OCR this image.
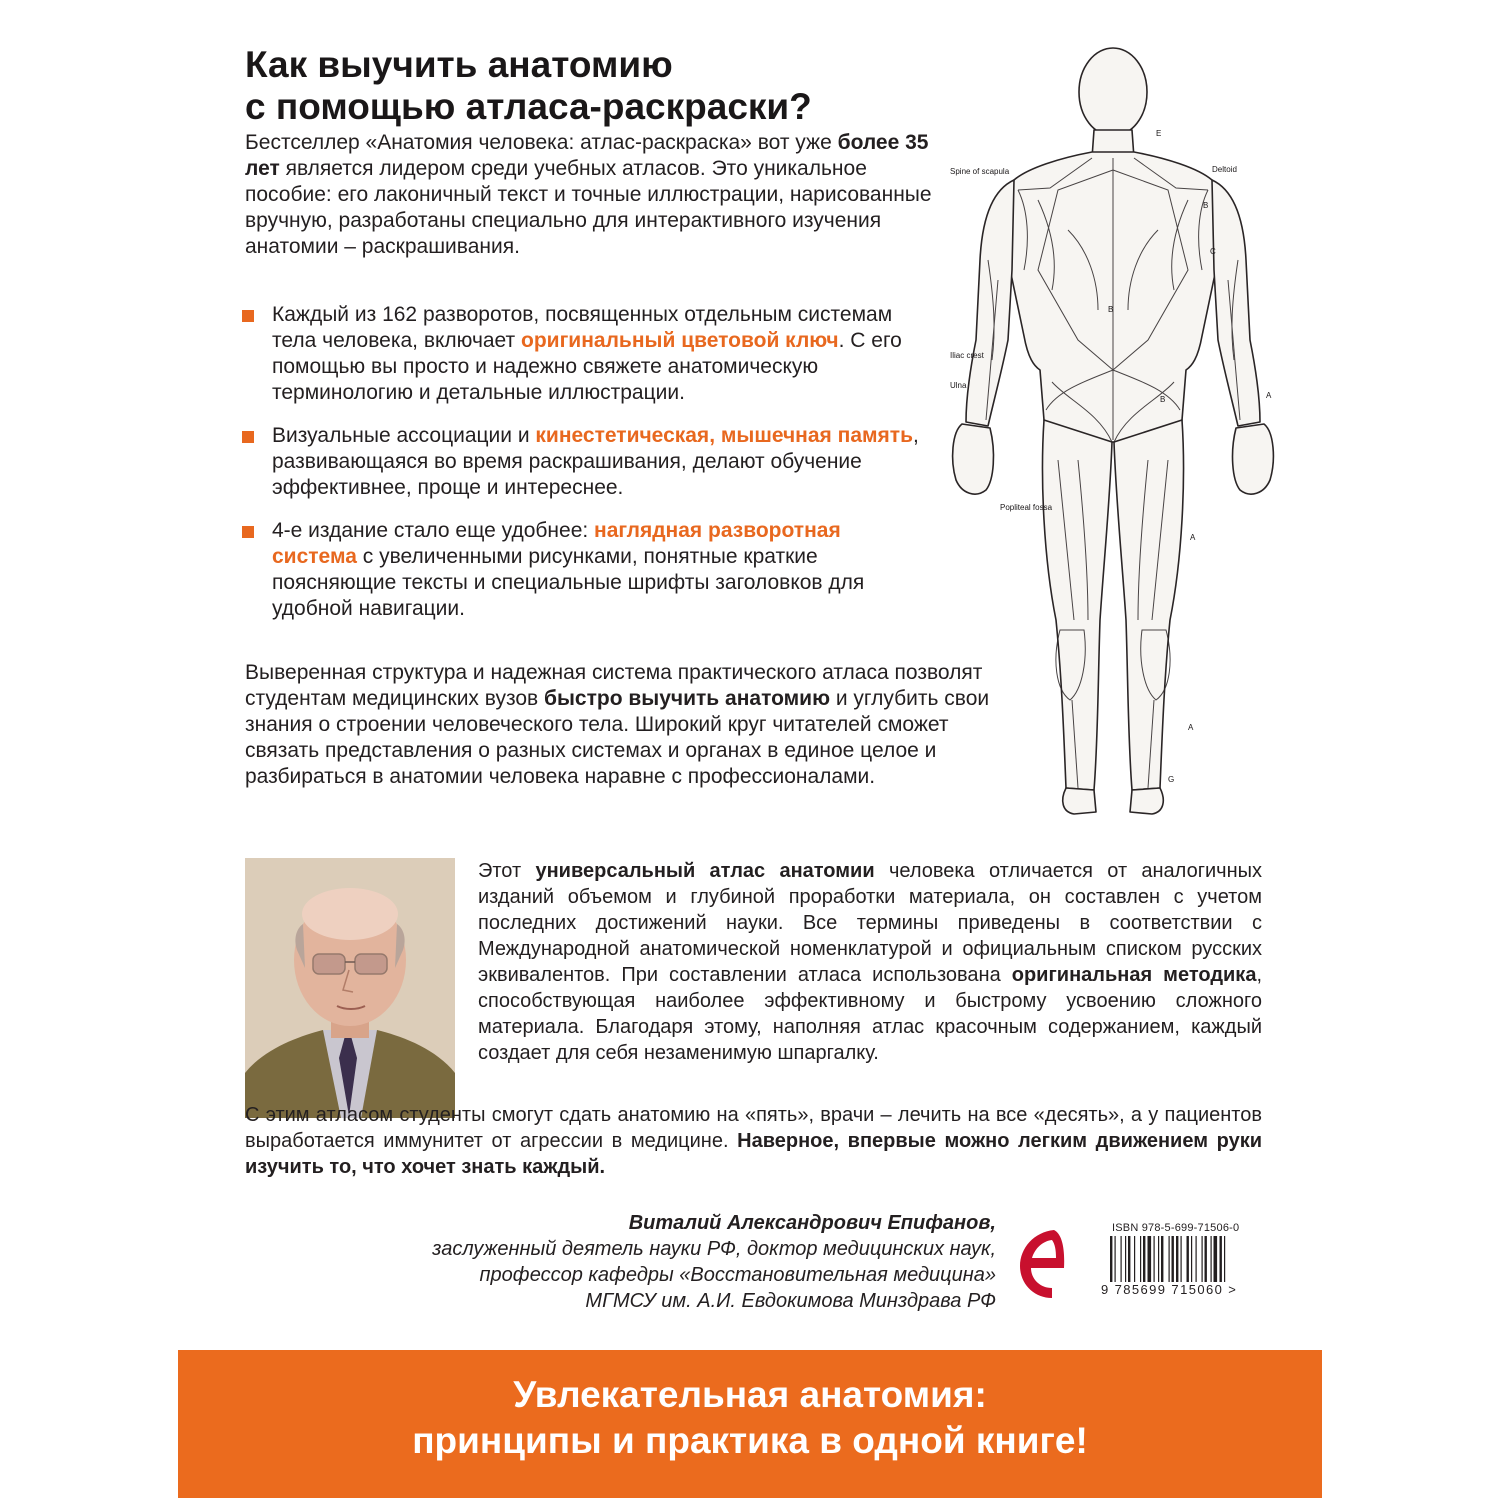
Как выучить анатомию
с помощью атласа-раскраски?

Бестселлер «Анатомия человека: атлас-раскраска» вот уже более 35 лет является лидером среди учебных атласов. Это уникальное пособие: его лаконичный текст и точные иллюстрации, нарисованные вручную, разработаны специально для интерактивного изучения анатомии – раскрашивания.

Каждый из 162 разворотов, посвященных отдельным системам тела человека, включает оригинальный цветовой ключ. С его помощью вы просто и надежно свяжете анатомическую терминологию и детальные иллюстрации.
Визуальные ассоциации и кинестетическая, мышечная память, развивающаяся во время раскрашивания, делают обучение эффективнее, проще и интереснее.
4-е издание стало еще удобнее: наглядная разворотная система с увеличенными рисунками, понятные краткие поясняющие тексты и специальные шрифты заголовков для удобной навигации.

Выверенная структура и надежная система практического атласа позволят студентам медицинских вузов быстро выучить анатомию и углубить свои знания о строении человеческого тела. Широкий круг читателей сможет связать представления о разных системах и органах в единое целое и разбираться в анатомии человека наравне с профессионалами.

Spine of scapula	Deltoid
Iliac crest
Ulna
Popliteal fossa
E
B
C
B
B	A
A
A
G

Этот универсальный атлас анатомии человека отличается от аналогичных изданий объемом и глубиной проработки материала, он составлен с учетом последних достижений науки. Все термины приведены в соответствии с Международной анатомической номенклатурой и официальным списком русских эквивалентов. При составлении атласа использована оригинальная методика, способствующая наиболее эффективному и быстрому усвоению сложного материала. Благодаря этому, наполняя атлас красочным содержанием, каждый создает для себя незаменимую шпаргалку.

С этим атласом студенты смогут сдать анатомию на «пять», врачи – лечить на все «десять», а у пациентов выработается иммунитет от агрессии в медицине. Наверное, впервые можно легким движением руки изучить то, что хочет знать каждый.

Виталий Александрович Епифанов,
заслуженный деятель науки РФ, доктор медицинских наук,
профессор кафедры «Восстановительная медицина»
МГМСУ им. А.И. Евдокимова Минздрава РФ
ISBN 978-5-699-71506-0
9 785699 715060 >
Увлекательная анатомия:
принципы и практика в одной книге!
